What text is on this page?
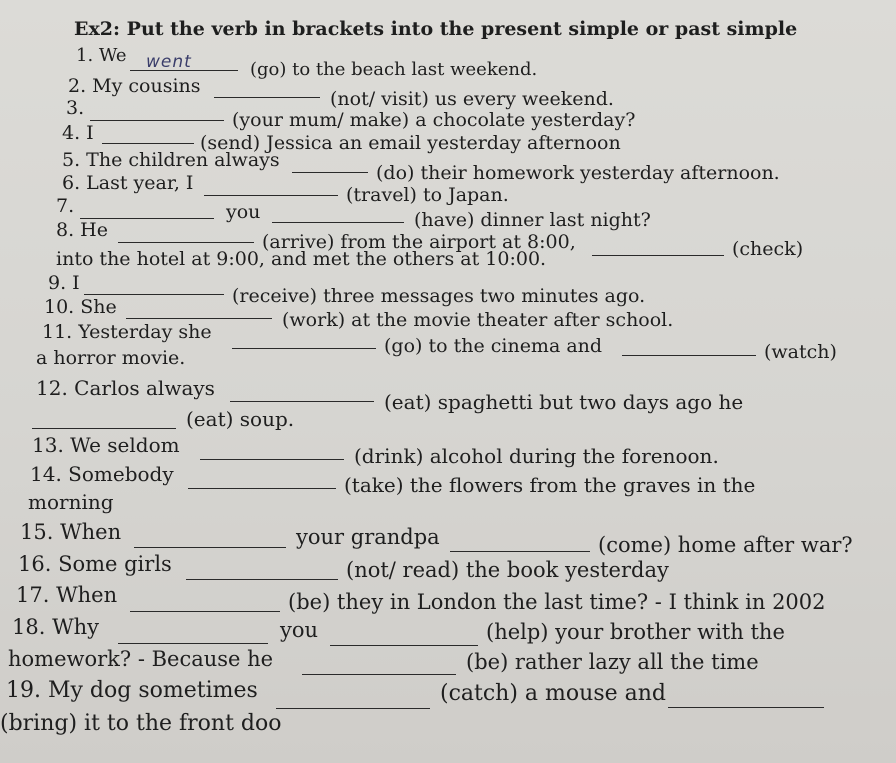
Ex2: Put the verb in brackets into the present simple or past simple
1. We went	(go) to the beach last weekend.
2. My cousins
(not/ visit) us every weekend.
3.
(your mum/ make) a chocolate yesterday?
4. I	(send) Jessica an email yesterday afternoon
5. The children always
(do) their homework yesterday afternoon.
6. Last year, I
(travel) to Japan.
7.	you	(have) dinner last night?
8. He
(arrive) from the airport at 8:00,	(check)
into the hotel at 9:00, and met the others at 10:00.
9. I
(receive) three messages two minutes ago.
10. She
(work) at the movie theater after school.
11. Yesterday she
(go) to the cinema and	(watch)
a horror movie.
12. Carlos always
(eat) spaghetti but two days ago he
(eat) soup.
13. We seldom	(drink) alcohol during the forenoon.
14. Somebody	(take) the flowers from the graves in the
morning
15. When	your grandpa	(come) home after war?
16. Some girls	(not/ read) the book yesterday
17. When	(be) they in London the last time? - I think in 2002
18. Why	you	(help) your brother with the
homework? - Because he	(be) rather lazy all the time
19. My dog sometimes	(catch) a mouse and
(bring) it to the front doo
